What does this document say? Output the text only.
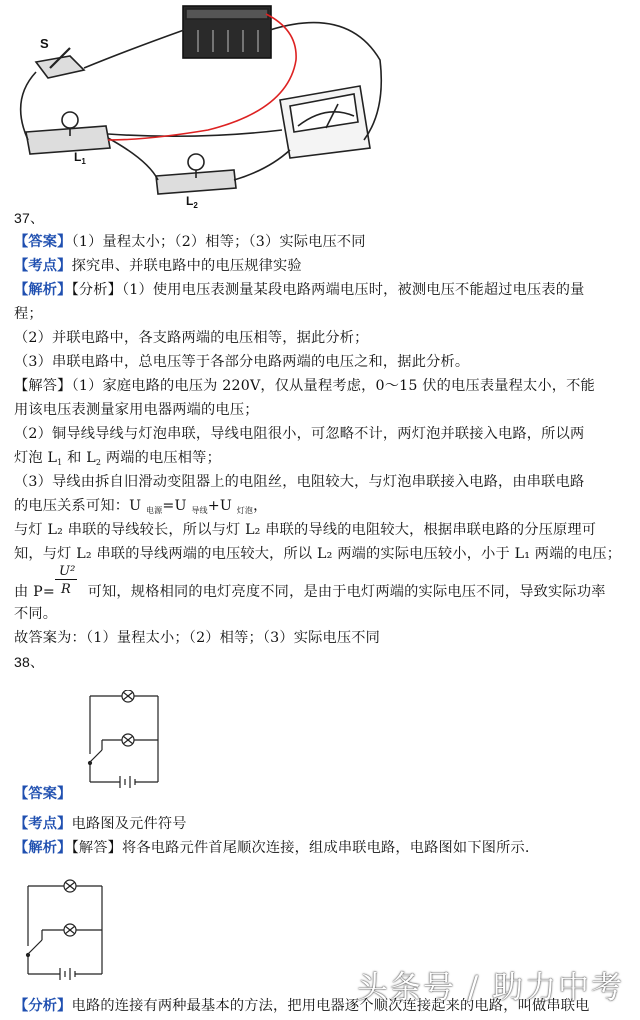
S
$L_1$
$L_2$
37、
【答案】（1）量程太小；（2）相等；（3）实际电压不同
【考点】探究串、并联电路中的电压规律实验
【解析】【分析】（1）使用电压表测量某段电路两端电压时，被测电压不能超过电压表的量
程；
（2）并联电路中，各支路两端的电压相等，据此分析；
（3）串联电路中，总电压等于各部分电路两端的电压之和，据此分析。
【解答】（1）家庭电路的电压为 220V，仅从量程考虑，0～15 伏的电压表量程太小，不能
用该电压表测量家用电器两端的电压；
（2）铜导线导线与灯泡串联，导线电阻很小，可忽略不计，两灯泡并联接入电路，所以两
灯泡 $L_1$ 和 $L_2$ 两端的电压相等；
（3）导线由拆自旧滑动变阻器上的电阻丝，电阻较大，与灯泡串联接入电路，由串联电路
的电压关系可知：U $_{电源}$=U $_{导线}$+U $_{灯泡}$，
与灯 L₂ 串联的导线较长，所以与灯 L₂ 串联的导线的电阻较大，根据串联电路的分压原理可
知，与灯 L₂ 串联的导线两端的电压较大，所以 L₂ 两端的实际电压较小，小于 L₁ 两端的电压；
由 $P= \frac{\text{U²}}{R}$ 可知，规格相同的电灯亮度不同，是由于电灯两端的实际电压不同，导致实际功率
不同。
故答案为：（1）量程太小；（2）相等；（3）实际电压不同
38、
【答案】
【考点】电路图及元件符号
【解析】【解答】将各电路元件首尾顺次连接，组成串联电路，电路图如下图所示.
【分析】电路的连接有两种最基本的方法，把用电器逐个顺次连接起来的电路，叫做串联电
头条号 / 助力中考
